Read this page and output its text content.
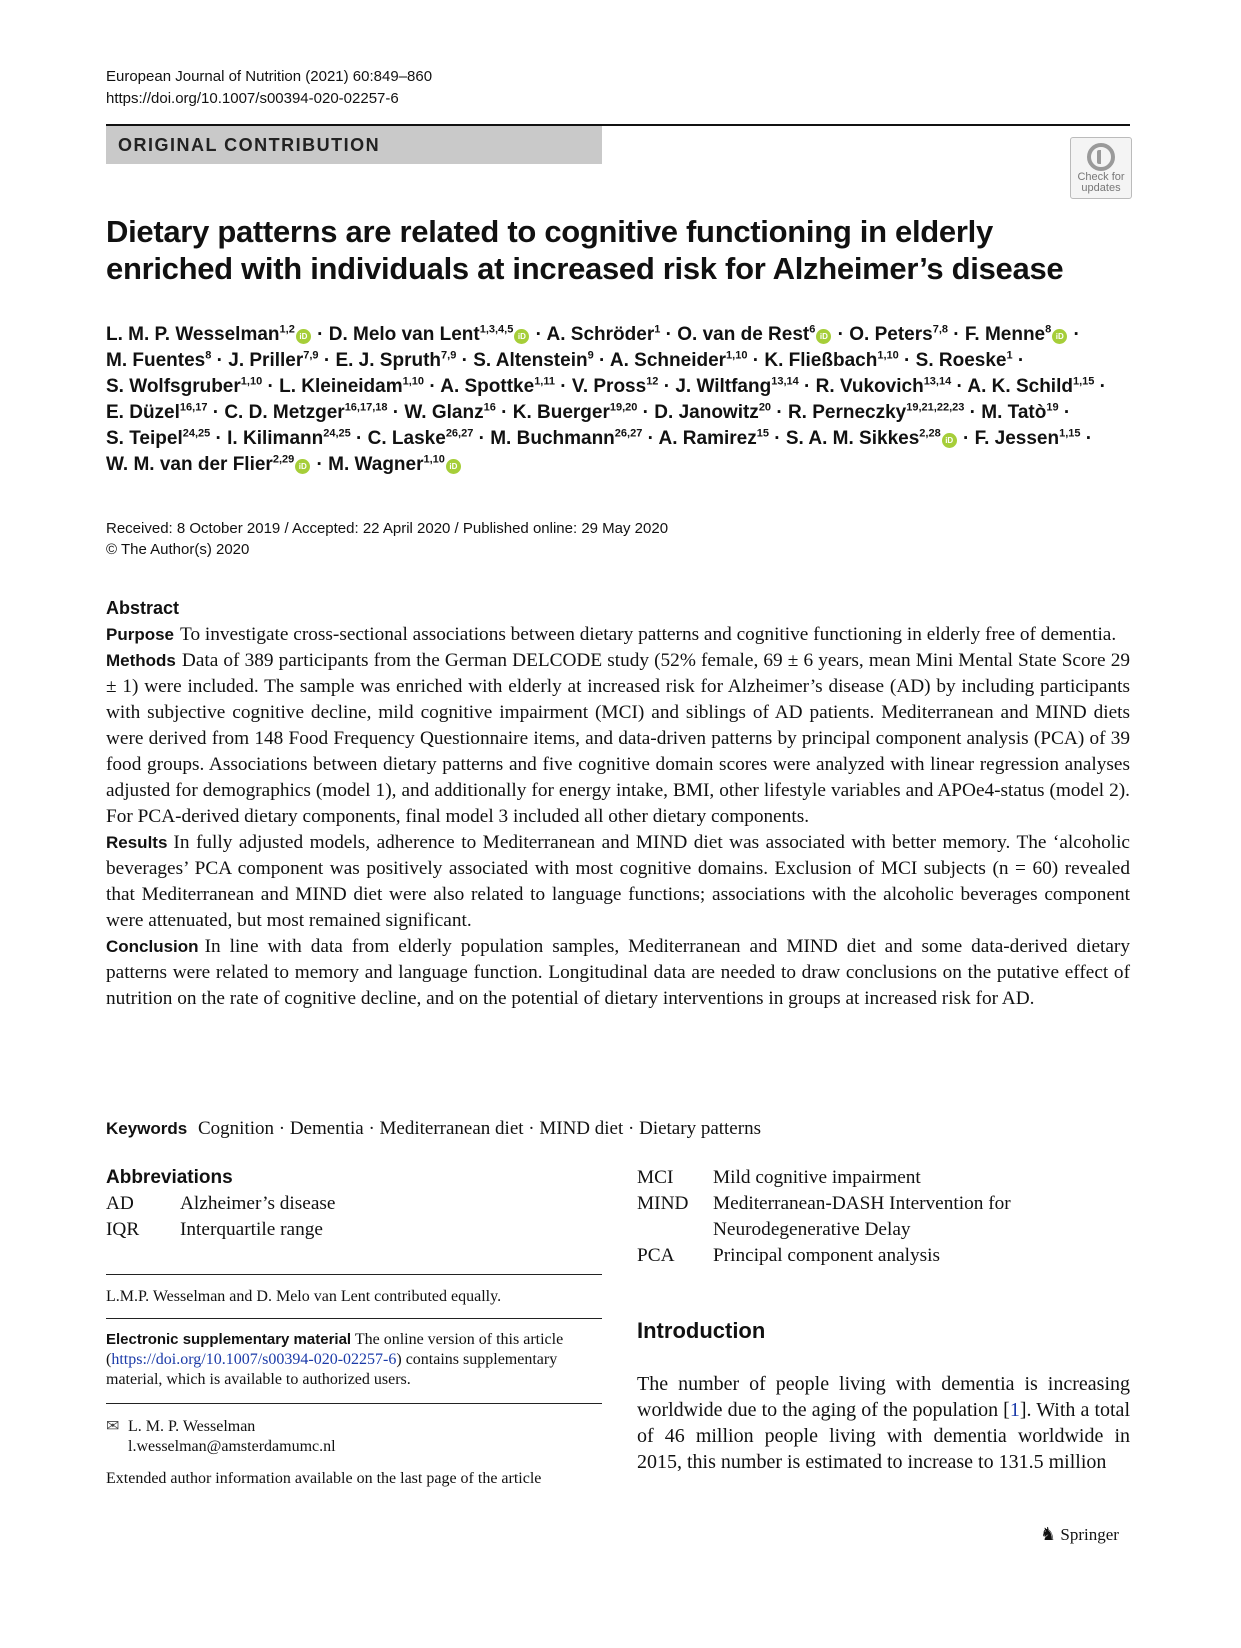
European Journal of Nutrition (2021) 60:849–860
https://doi.org/10.1007/s00394-020-02257-6
ORIGINAL CONTRIBUTION
Check for
updates
Dietary patterns are related to cognitive functioning in elderly enriched with individuals at increased risk for Alzheimer’s disease

L. M. P. Wesselman$^{1,2}$iD · D. Melo van Lent$^{1,3,4,5}$iD · A. Schröder$^1$ · O. van de Rest$^6$iD · O. Peters$^{7,8}$ · F. Menne$^8$iD ·

M. Fuentes$^8$ · J. Priller$^{7,9}$ · E. J. Spruth$^{7,9}$ · S. Altenstein$^9$ · A. Schneider$^{1,10}$ · K. Fließbach$^{1,10}$ · S. Roeske$^1$ ·

S. Wolfsgruber$^{1,10}$ · L. Kleineidam$^{1,10}$ · A. Spottke$^{1,11}$ · V. Pross$^{12}$ · J. Wiltfang$^{13,14}$ · R. Vukovich$^{13,14}$ · A. K. Schild$^{1,15}$ ·

E. Düzel$^{16,17}$ · C. D. Metzger$^{16,17,18}$ · W. Glanz$^{16}$ · K. Buerger$^{19,20}$ · D. Janowitz$^{20}$ · R. Perneczky$^{19,21,22,23}$ · M. Tatò$^{19}$ ·

S. Teipel$^{24,25}$ · I. Kilimann$^{24,25}$ · C. Laske$^{26,27}$ · M. Buchmann$^{26,27}$ · A. Ramirez$^{15}$ · S. A. M. Sikkes$^{2,28}$iD · F. Jessen$^{1,15}$ ·

W. M. van der Flier$^{2,29}$iD · M. Wagner$^{1,10}$iD

Received: 8 October 2019 / Accepted: 22 April 2020 / Published online: 29 May 2020
© The Author(s) 2020
Abstract

Purpose To investigate cross-sectional associations between dietary patterns and cognitive functioning in elderly free of dementia.

Methods Data of 389 participants from the German DELCODE study (52% female, 69 ± 6 years, mean Mini Mental State Score 29 ± 1) were included. The sample was enriched with elderly at increased risk for Alzheimer’s disease (AD) by including participants with subjective cognitive decline, mild cognitive impairment (MCI) and siblings of AD patients. Mediterranean and MIND diets were derived from 148 Food Frequency Questionnaire items, and data-driven patterns by principal component analysis (PCA) of 39 food groups. Associations between dietary patterns and five cognitive domain scores were analyzed with linear regression analyses adjusted for demographics (model 1), and additionally for energy intake, BMI, other lifestyle variables and APOe4-status (model 2). For PCA-derived dietary components, final model 3 included all other dietary components.

Results In fully adjusted models, adherence to Mediterranean and MIND diet was associated with better memory. The ‘alcoholic beverages’ PCA component was positively associated with most cognitive domains. Exclusion of MCI subjects (n = 60) revealed that Mediterranean and MIND diet were also related to language functions; associations with the alcoholic beverages component were attenuated, but most remained significant.

Conclusion In line with data from elderly population samples, Mediterranean and MIND diet and some data-derived dietary patterns were related to memory and language function. Longitudinal data are needed to draw conclusions on the putative effect of nutrition on the rate of cognitive decline, and on the potential of dietary interventions in groups at increased risk for AD.

Keywords Cognition · Dementia · Mediterranean diet · MIND diet · Dietary patterns
Abbreviations
AD	Alzheimer’s disease
IQR	Interquartile range
MCI	Mild cognitive impairment
MIND	Mediterranean-DASH Intervention for Neurodegenerative Delay
PCA	Principal component analysis
L.M.P. Wesselman and D. Melo van Lent contributed equally.
Electronic supplementary material The online version of this article (https://doi.org/10.1007/s00394-020-02257-6) contains supplementary material, which is available to authorized users.
✉ L. M. P. Wesselman
l.wesselman@amsterdamumc.nl
Extended author information available on the last page of the article
Introduction
The number of people living with dementia is increasing worldwide due to the aging of the population [1]. With a total of 46 million people living with dementia worldwide in 2015, this number is estimated to increase to 131.5 million
♞ Springer
